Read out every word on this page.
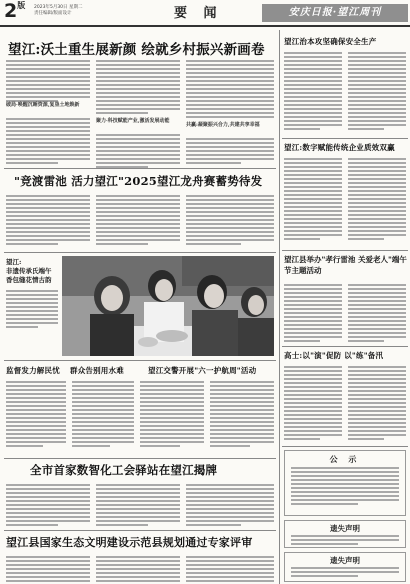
$2^版$ 2023年5月30日 星期二
责任编辑/版面设计	要 闻	安庆日报·望江周刊
望江:沃土重生展新颜 绘就乡村振兴新画卷
破局·唤醒沉睡资源,复垦土地焕新
聚力·科技赋能产业,激活发展动能
共赢:凝聚振兴合力,共建共享幸福
"竞渡雷池 活力望江"2025望江龙舟赛蓄势待发
望江:
非遗传承氏端午
香包缝花情古韵
监督发力解民忧 群众告别用水难	望江交警开展"六一护航周"活动
全市首家数智化工会驿站在望江揭牌
望江县国家生态文明建设示范县规划通过专家评审
望江治本攻坚确保安全生产
望江:数字赋能传统企业质效双赢
望江县举办"孝行雷池 关爱老人"端午节主题活动
高士:以"演"促防 以"练"备汛
公 示
遗失声明
遗失声明
